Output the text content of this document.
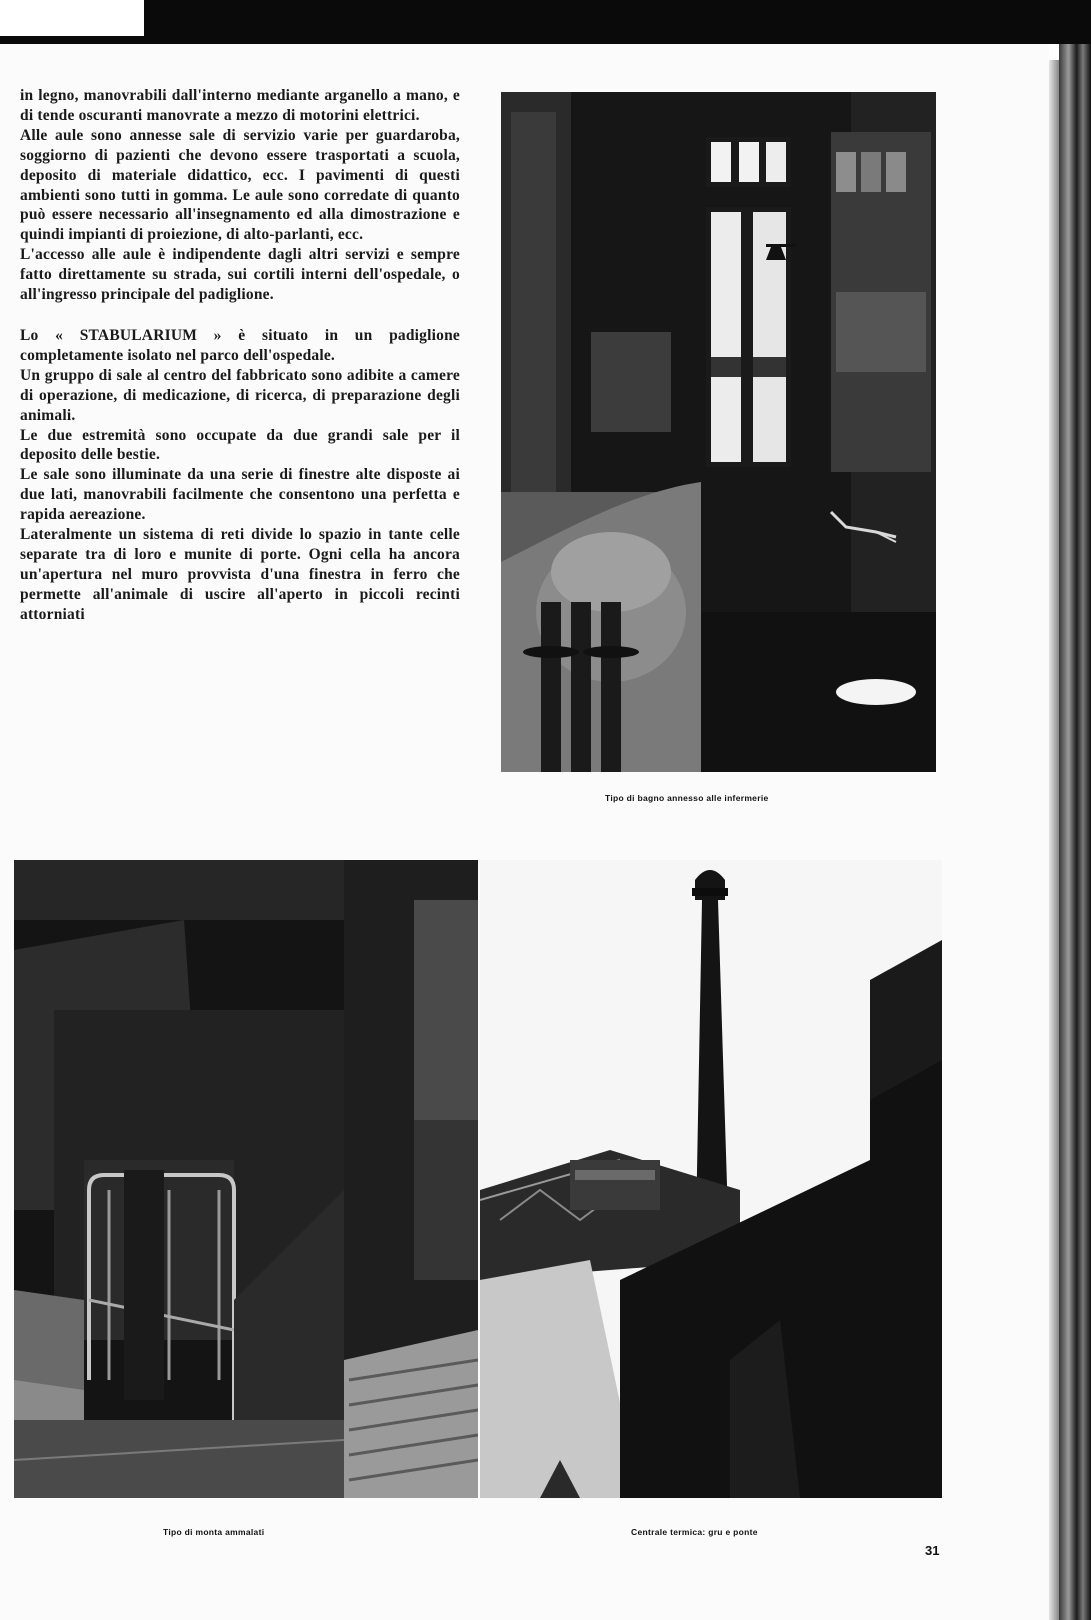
in legno, manovrabili dall'interno mediante arganello a mano, e di tende oscuranti manovrate a mezzo di motorini elettrici.

Alle aule sono annesse sale di servizio varie per guardaroba, soggiorno di pazienti che devono essere trasportati a scuola, deposito di materiale didattico, ecc. I pavimenti di questi ambienti sono tutti in gomma. Le aule sono corredate di quanto può essere necessario all'insegnamento ed alla dimostrazione e quindi impianti di proiezione, di alto-parlanti, ecc.

L'accesso alle aule è indipendente dagli altri servizi e sempre fatto direttamente su strada, sui cortili interni dell'ospedale, o all'ingresso principale del padiglione.

Lo « STABULARIUM » è situato in un padiglione completamente isolato nel parco dell'ospedale.

Un gruppo di sale al centro del fabbricato sono adibite a camere di operazione, di medicazione, di ricerca, di preparazione degli animali.

Le due estremità sono occupate da due grandi sale per il deposito delle bestie.

Le sale sono illuminate da una serie di finestre alte disposte ai due lati, manovrabili facilmente che consentono una perfetta e rapida aereazione.

Lateralmente un sistema di reti divide lo spazio in tante celle separate tra di loro e munite di porte. Ogni cella ha ancora un'apertura nel muro provvista d'una finestra in ferro che permette all'animale di uscire all'aperto in piccoli recinti attorniati

Tipo di bagno annesso alle infermerie
Tipo di monta ammalati	Centrale termica: gru e ponte
31
